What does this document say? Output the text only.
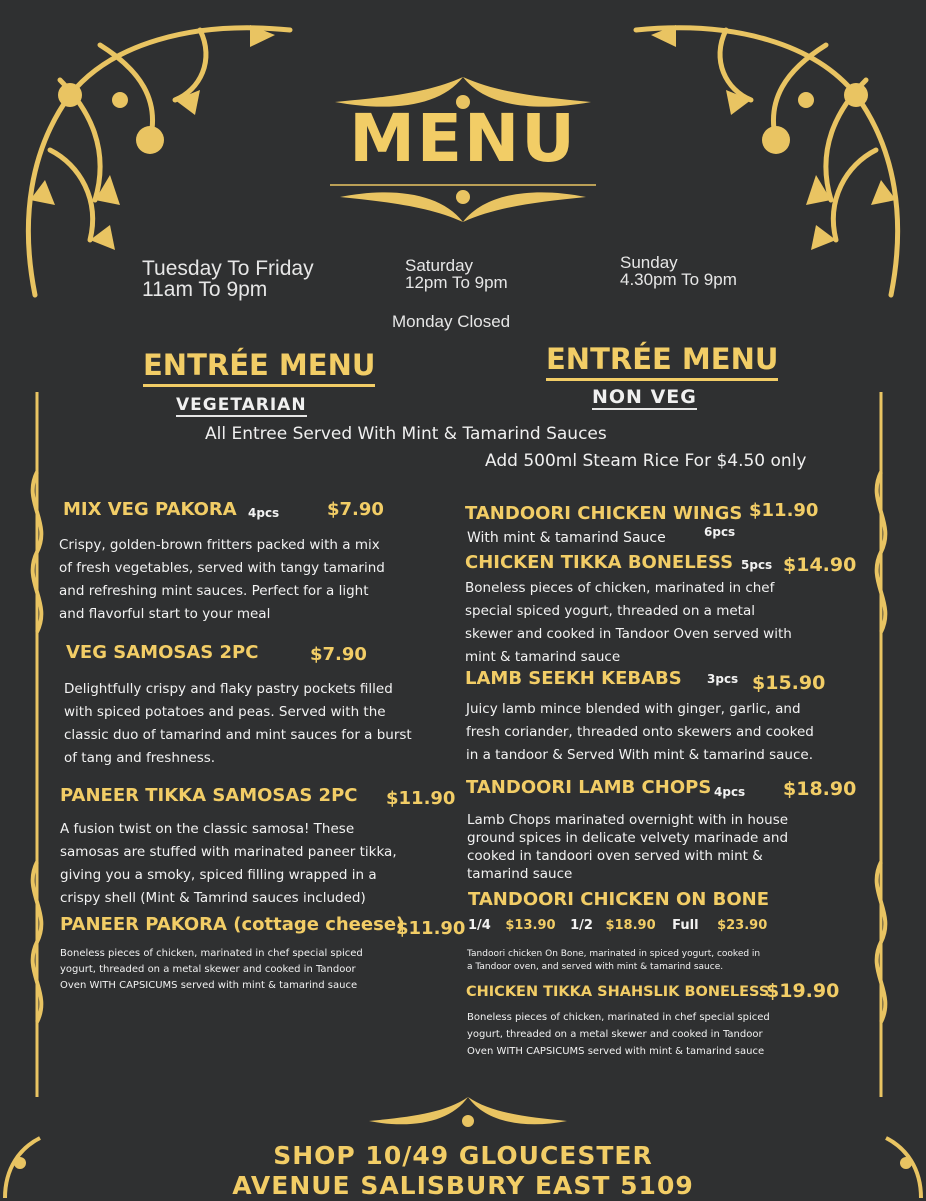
MENU
Tuesday To Friday
11am To 9pm
Saturday
12pm To 9pm
Sunday
4.30pm To 9pm
Monday Closed
ENTRÉE MENU
VEGETARIAN
ENTRÉE MENU
NON VEG
All Entree Served With Mint & Tamarind Sauces
Add 500ml Steam Rice For $4.50 only
MIX VEG PAKORA 4pcs	$7.90
Crispy, golden-brown fritters packed with a mix
of fresh vegetables, served with tangy tamarind
and refreshing mint sauces. Perfect for a light
and flavorful start to your meal
VEG SAMOSAS 2PC	$7.90
Delightfully crispy and flaky pastry pockets filled
with spiced potatoes and peas. Served with the
classic duo of tamarind and mint sauces for a burst
of tang and freshness.
PANEER TIKKA SAMOSAS 2PC $11.90
A fusion twist on the classic samosa! These
samosas are stuffed with marinated paneer tikka,
giving you a smoky, spiced filling wrapped in a
crispy shell (Mint & Tamrind sauces included)
PANEER PAKORA (cottage cheese)
$11.90
Boneless pieces of chicken, marinated in chef special spiced
yogurt, threaded on a metal skewer and cooked in Tandoor
Oven WITH CAPSICUMS served with mint & tamarind sauce
TANDOORI CHICKEN WINGS $11.90
With mint & tamarind Sauce	6pcs
CHICKEN TIKKA BONELESS 5pcs $14.90
Boneless pieces of chicken, marinated in chef
special spiced yogurt, threaded on a metal
skewer and cooked in Tandoor Oven served with
mint & tamarind sauce
LAMB SEEKH KEBABS 3pcs $15.90
Juicy lamb mince blended with ginger, garlic, and
fresh coriander, threaded onto skewers and cooked
in a tandoor & Served With mint & tamarind sauce.
TANDOORI LAMB CHOPS 4pcs $18.90
Lamb Chops marinated overnight with in house
ground spices in delicate velvety marinade and
cooked in tandoori oven served with mint &
tamarind sauce
TANDOORI CHICKEN ON BONE
1/4 $13.90 1/2 $18.90 Full $23.90
Tandoori chicken On Bone, marinated in spiced yogurt, cooked in
a Tandoor oven, and served with mint & tamarind sauce.
CHICKEN TIKKA SHAHSLIK BONELESS
$19.90
Boneless pieces of chicken, marinated in chef special spiced
yogurt, threaded on a metal skewer and cooked in Tandoor
Oven WITH CAPSICUMS served with mint & tamarind sauce
SHOP 10/49 GLOUCESTER
AVENUE SALISBURY EAST 5109
